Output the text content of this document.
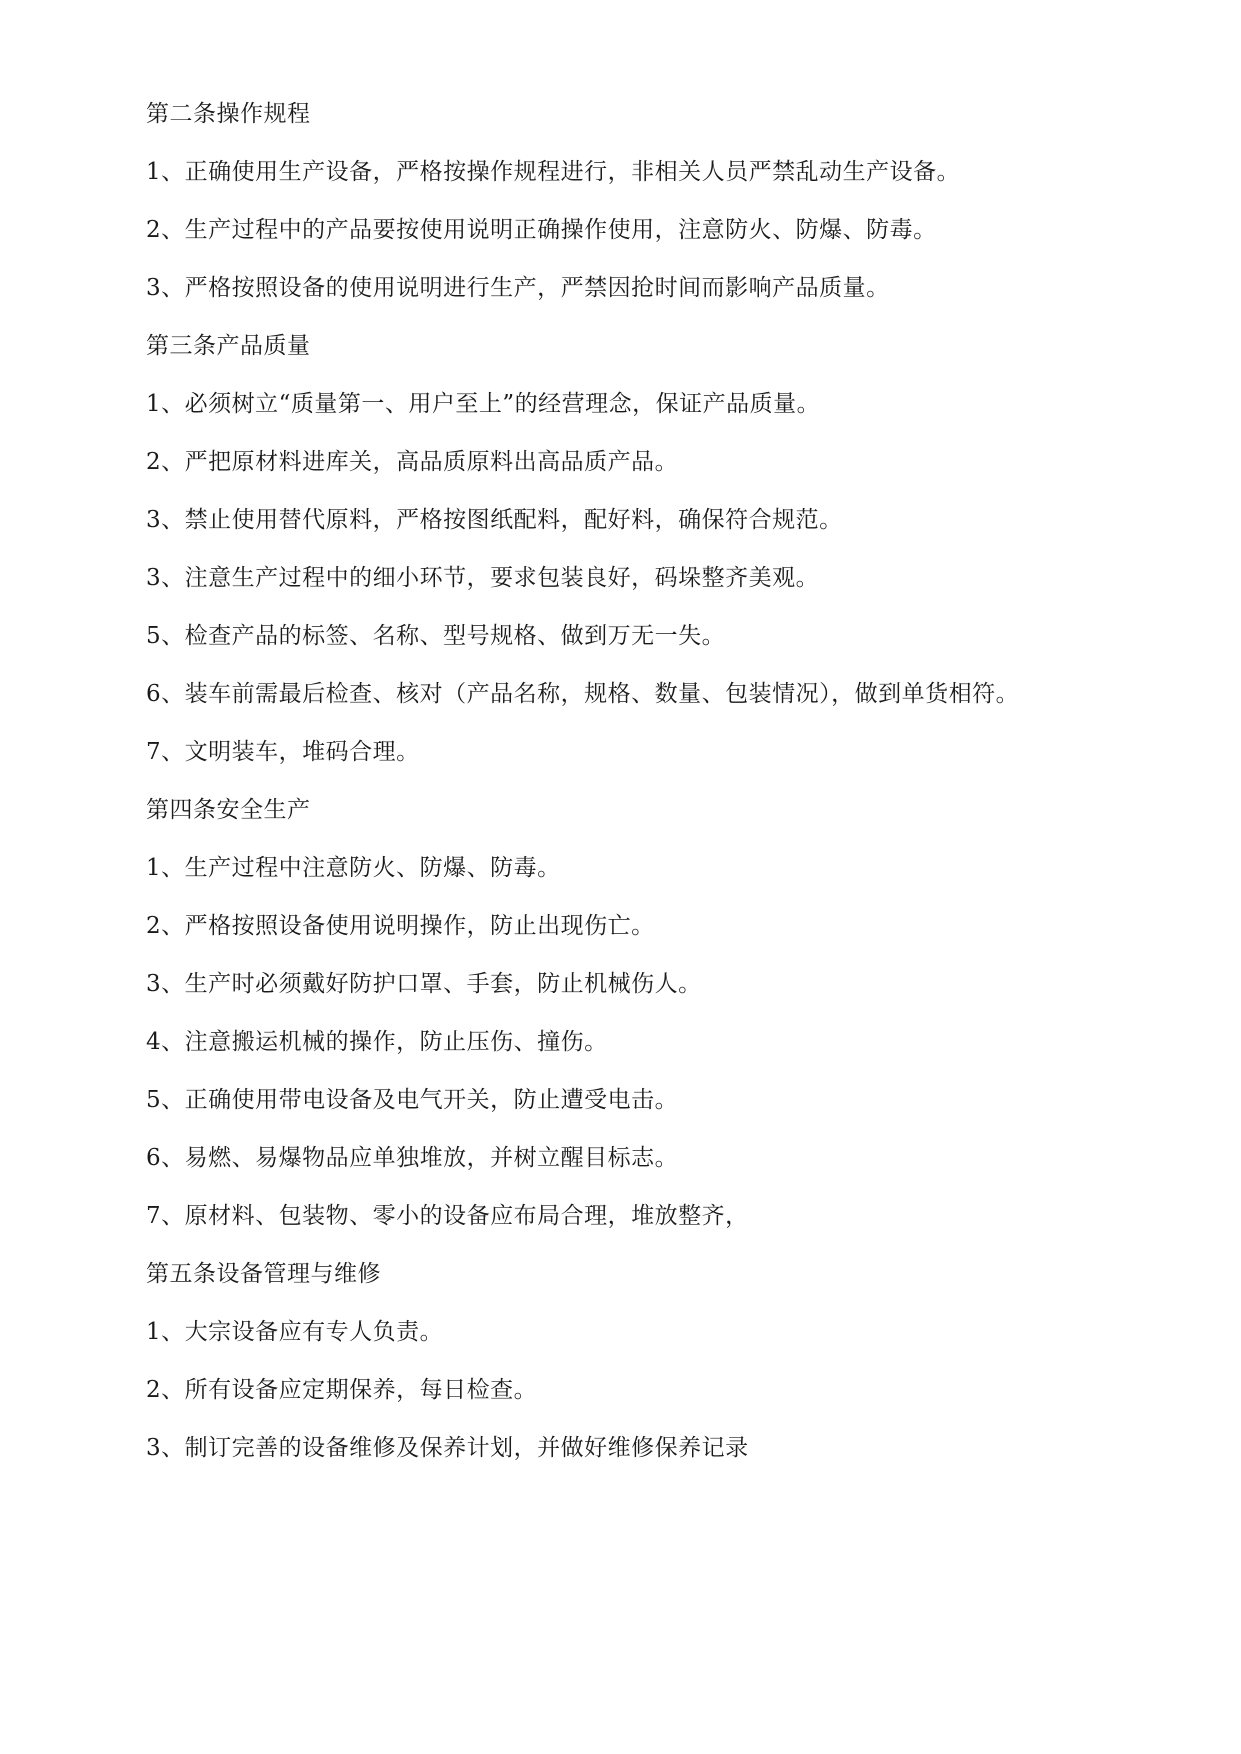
第二条操作规程
1、正确使用生产设备，严格按操作规程进行，非相关人员严禁乱动生产设备。
2、生产过程中的产品要按使用说明正确操作使用，注意防火、防爆、防毒。
3、严格按照设备的使用说明进行生产，严禁因抢时间而影响产品质量。
第三条产品质量
1、必须树立“质量第一、用户至上”的经营理念，保证产品质量。
2、严把原材料进库关，高品质原料出高品质产品。
3、禁止使用替代原料，严格按图纸配料，配好料，确保符合规范。
3、注意生产过程中的细小环节，要求包装良好，码垛整齐美观。
5、检查产品的标签、名称、型号规格、做到万无一失。
6、装车前需最后检查、核对（产品名称，规格、数量、包装情况），做到单货相符。
7、文明装车，堆码合理。
第四条安全生产
1、生产过程中注意防火、防爆、防毒。
2、严格按照设备使用说明操作，防止出现伤亡。
3、生产时必须戴好防护口罩、手套，防止机械伤人。
4、注意搬运机械的操作，防止压伤、撞伤。
5、正确使用带电设备及电气开关，防止遭受电击。
6、易燃、易爆物品应单独堆放，并树立醒目标志。
7、原材料、包装物、零小的设备应布局合理，堆放整齐，
第五条设备管理与维修
1、大宗设备应有专人负责。
2、所有设备应定期保养，每日检查。
3、制订完善的设备维修及保养计划，并做好维修保养记录
